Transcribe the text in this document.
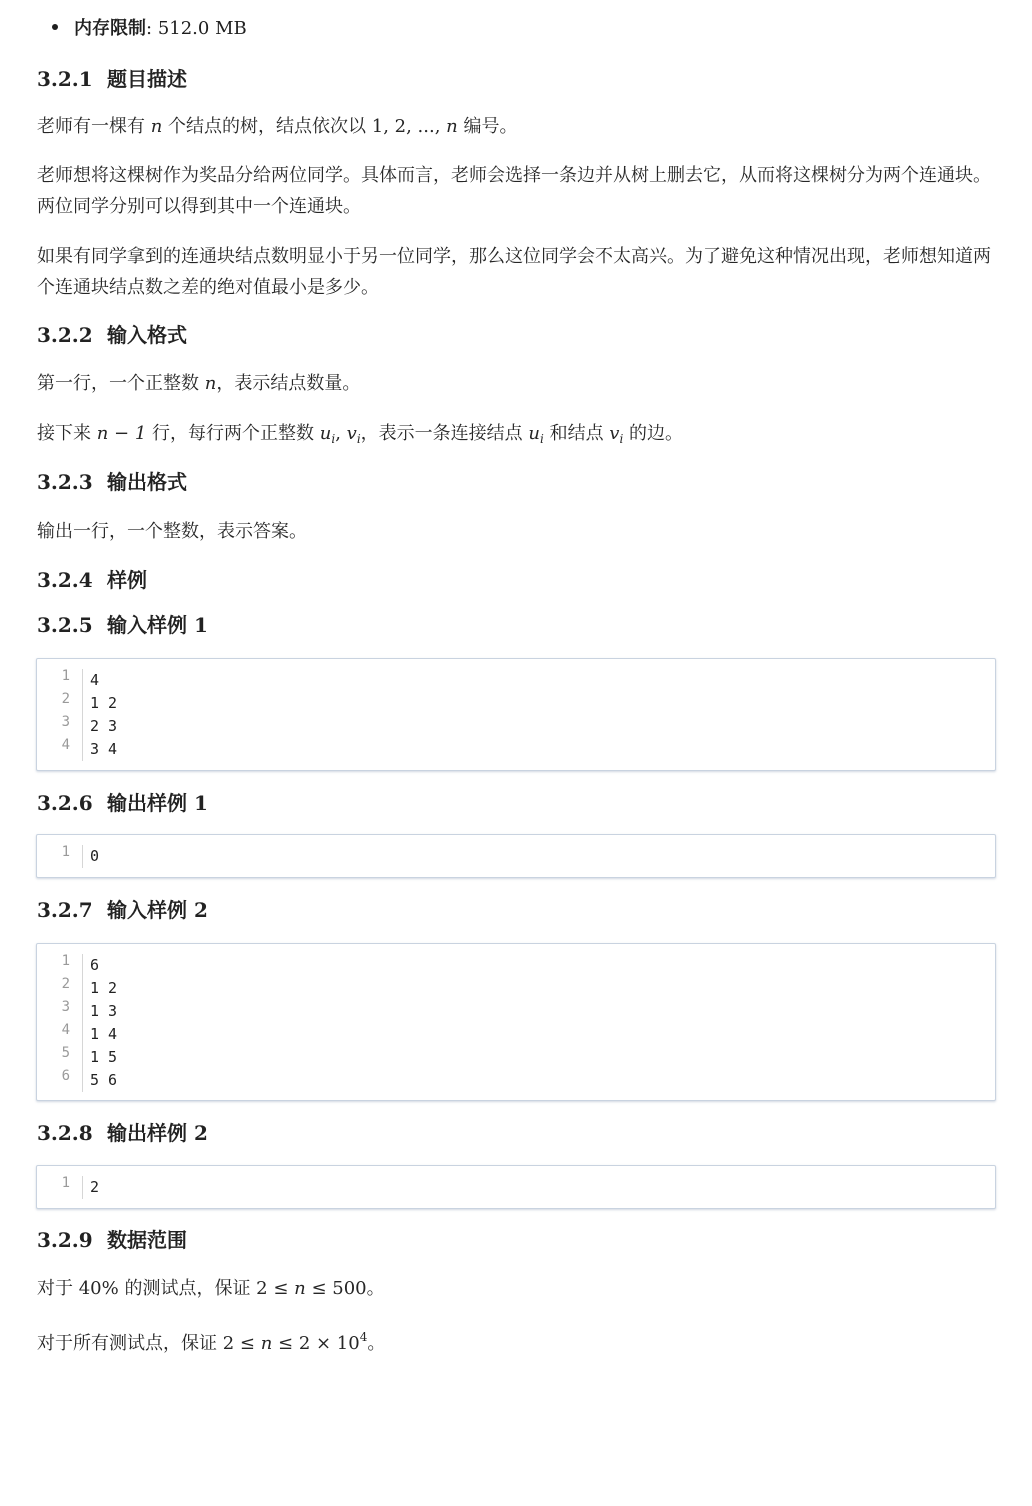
内存限制: 512.0 MB
3.2.1 题目描述
老师有一棵有 n 个结点的树，结点依次以 1, 2, ..., n 编号。
老师想将这棵树作为奖品分给两位同学。具体而言，老师会选择一条边并从树上删去它，从而将这棵树分为两个连通块。两位同学分别可以得到其中一个连通块。
如果有同学拿到的连通块结点数明显小于另一位同学，那么这位同学会不太高兴。为了避免这种情况出现，老师想知道两个连通块结点数之差的绝对值最小是多少。
3.2.2 输入格式
第一行，一个正整数 n，表示结点数量。
接下来 n − 1 行，每行两个正整数 $u_i$, $v_i$，表示一条连接结点 $u_i$ 和结点 $v_i$ 的边。
3.2.3 输出格式
输出一行，一个整数，表示答案。
3.2.4 样例
3.2.5 输入样例 1
1 4
2 1 2
3 2 3
4 3 4
3.2.6 输出样例 1
1 0
3.2.7 输入样例 2
1 6
2 1 2
3 1 3
4 1 4
5 1 5
6 5 6
3.2.8 输出样例 2
1 2
3.2.9 数据范围
对于 40% 的测试点，保证 2 ≤ n ≤ 500。
对于所有测试点，保证 $2 \le n \le 2 \times 10^4$。
